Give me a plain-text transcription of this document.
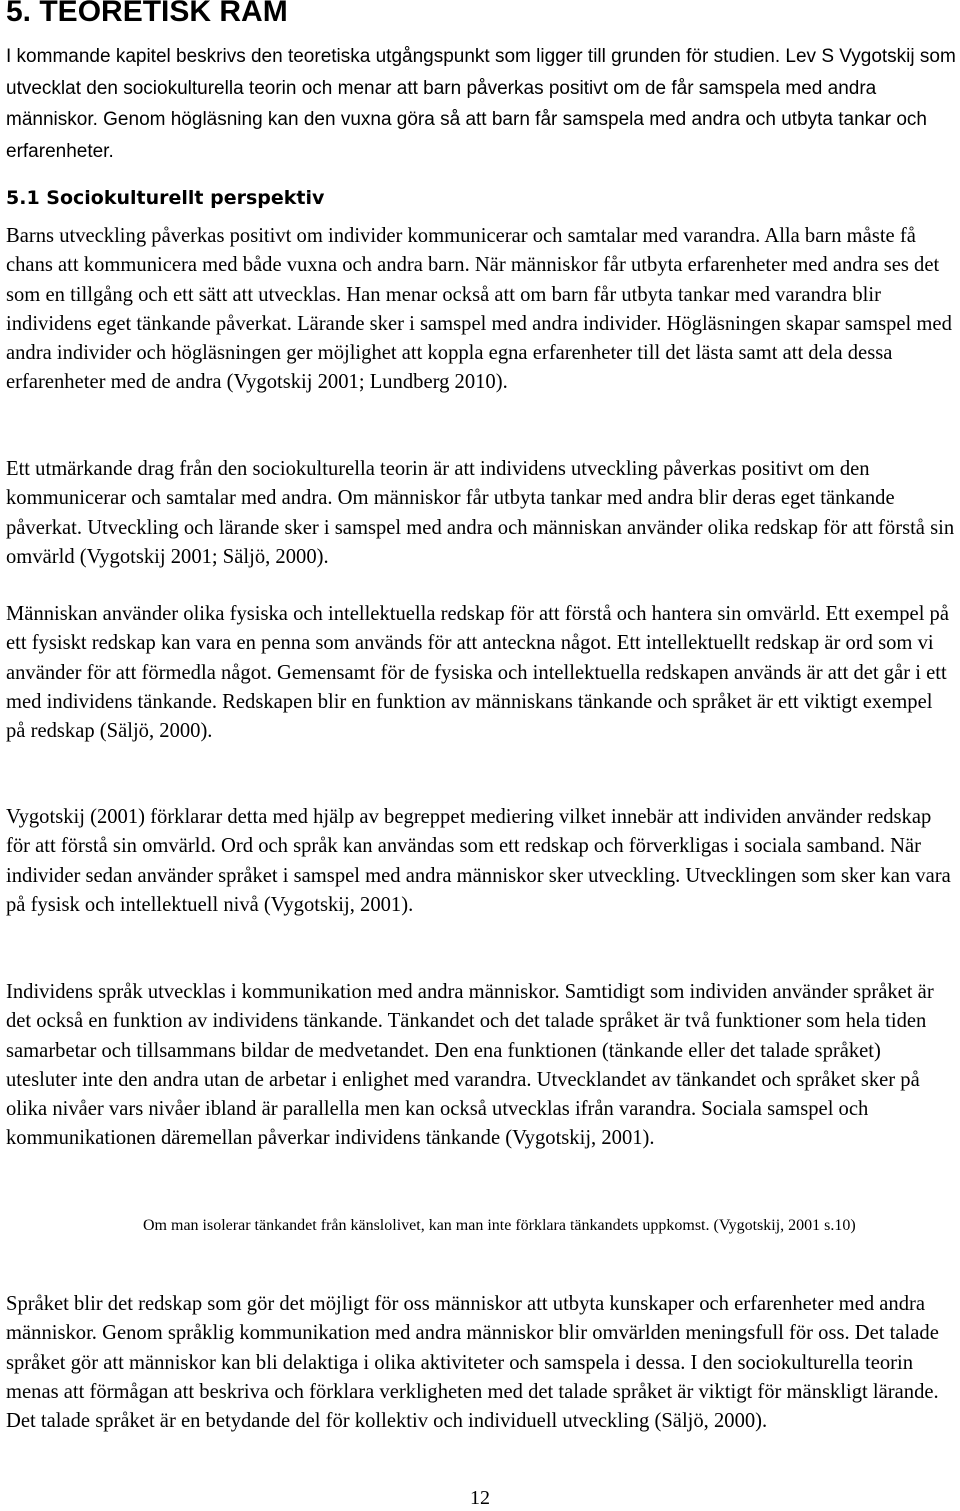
5. TEORETISK RAM

I kommande kapitel beskrivs den teoretiska utgångspunkt som ligger till grunden för studien. Lev S Vygotskij som utvecklat den sociokulturella teorin och menar att barn påverkas positivt om de får samspela med andra människor. Genom högläsning kan den vuxna göra så att barn får samspela med andra och utbyta tankar och erfarenheter.

5.1 Sociokulturellt perspektiv

Barns utveckling påverkas positivt om individer kommunicerar och samtalar med varandra. Alla barn måste få chans att kommunicera med både vuxna och andra barn. När människor får utbyta erfarenheter med andra ses det som en tillgång och ett sätt att utvecklas. Han menar också att om barn får utbyta tankar med varandra blir individens eget tänkande påverkat. Lärande sker i samspel med andra individer. Högläsningen skapar samspel med andra individer och högläsningen ger möjlighet att koppla egna erfarenheter till det lästa samt att dela dessa erfarenheter med de andra (Vygotskij 2001; Lundberg 2010).

Ett utmärkande drag från den sociokulturella teorin är att individens utveckling påverkas positivt om den kommunicerar och samtalar med andra. Om människor får utbyta tankar med andra blir deras eget tänkande påverkat. Utveckling och lärande sker i samspel med andra och människan använder olika redskap för att förstå sin omvärld (Vygotskij 2001; Säljö, 2000).

Människan använder olika fysiska och intellektuella redskap för att förstå och hantera sin omvärld. Ett exempel på ett fysiskt redskap kan vara en penna som används för att anteckna något. Ett intellektuellt redskap är ord som vi använder för att förmedla något. Gemensamt för de fysiska och intellektuella redskapen används är att det går i ett med individens tänkande. Redskapen blir en funktion av människans tänkande och språket är ett viktigt exempel på redskap (Säljö, 2000).

Vygotskij (2001) förklarar detta med hjälp av begreppet mediering vilket innebär att individen använder redskap för att förstå sin omvärld. Ord och språk kan användas som ett redskap och förverkligas i sociala samband. När individer sedan använder språket i samspel med andra människor sker utveckling. Utvecklingen som sker kan vara på fysisk och intellektuell nivå (Vygotskij, 2001).

Individens språk utvecklas i kommunikation med andra människor. Samtidigt som individen använder språket är det också en funktion av individens tänkande. Tänkandet och det talade språket är två funktioner som hela tiden samarbetar och tillsammans bildar de medvetandet. Den ena funktionen (tänkande eller det talade språket) utesluter inte den andra utan de arbetar i enlighet med varandra. Utvecklandet av tänkandet och språket sker på olika nivåer vars nivåer ibland är parallella men kan också utvecklas ifrån varandra. Sociala samspel och kommunikationen däremellan påverkar individens tänkande (Vygotskij, 2001).

Om man isolerar tänkandet från känslolivet, kan man inte förklara tänkandets uppkomst. (Vygotskij, 2001 s.10)

Språket blir det redskap som gör det möjligt för oss människor att utbyta kunskaper och erfarenheter med andra människor. Genom språklig kommunikation med andra människor blir omvärlden meningsfull för oss. Det talade språket gör att människor kan bli delaktiga i olika aktiviteter och samspela i dessa. I den sociokulturella teorin menas att förmågan att beskriva och förklara verkligheten med det talade språket är viktigt för mänskligt lärande. Det talade språket är en betydande del för kollektiv och individuell utveckling (Säljö, 2000).

12
